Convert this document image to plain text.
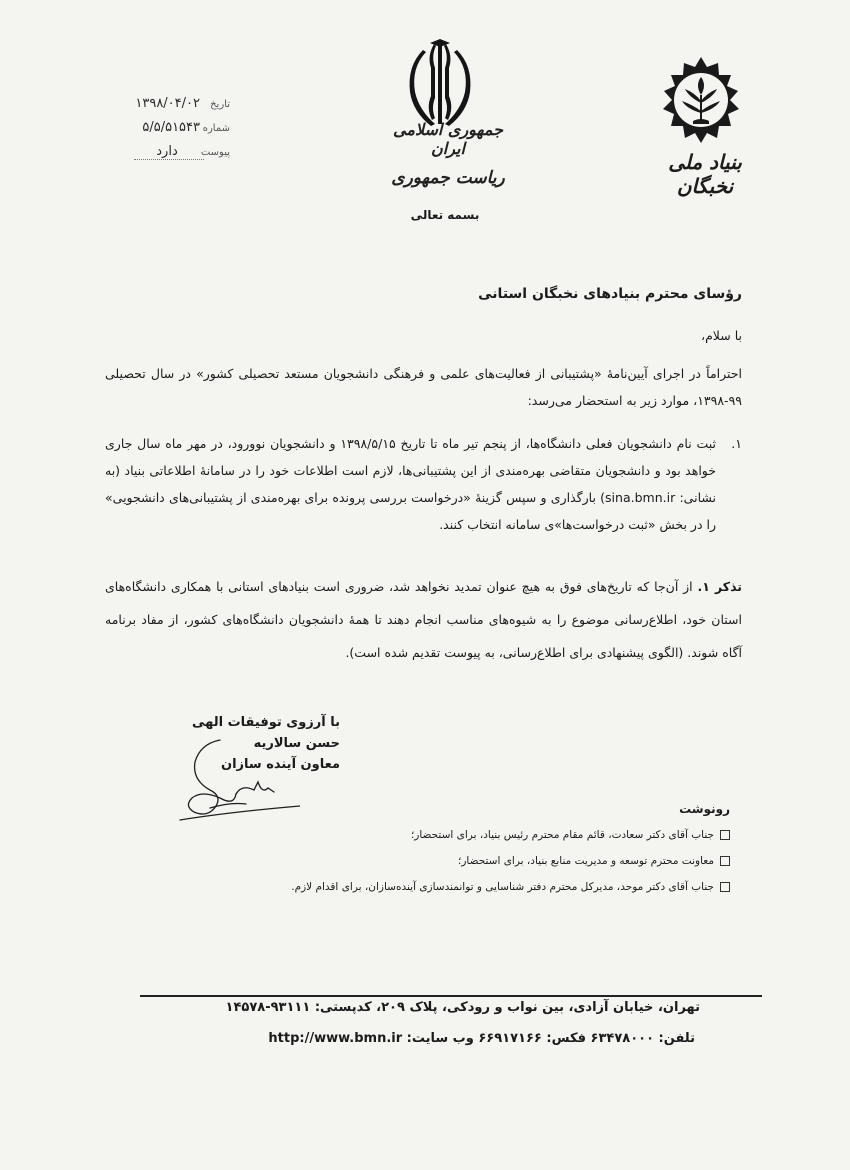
تاریخ
۱۳۹۸/۰۴/۰۲
شماره
۵/۵/۵۱۵۴۳
پیوست
دارد
جمهوری اسلامی ایران
ریاست جمهوری
بنیاد ملی نخبگان
بسمه تعالی
رؤسای محترم بنیادهای نخبگان استانی
با سلام،
احتراماً در اجرای آیین‌نامهٔ «پشتیبانی از فعالیت‌های علمی و فرهنگی دانشجویان مستعد تحصیلی کشور» در سال تحصیلی ۹۹-۱۳۹۸، موارد زیر به استحضار می‌رسد:
۱.
ثبت نام دانشجویان فعلی دانشگاه‌ها، از پنجم تیر ماه تا تاریخ ۱۳۹۸/۵/۱۵ و دانشجویان نوورود، در مهر ماه سال جاری خواهد بود و دانشجویان متقاضی بهره‌مندی از این پشتیبانی‌ها، لازم است اطلاعات خود را در سامانهٔ اطلاعاتی بنیاد (به نشانی: sina.bmn.ir) بارگذاری و سپس گزینهٔ «درخواست بررسی پرونده برای بهره‌مندی از پشتیبانی‌های دانشجویی» را در بخش «ثبت درخواست‌ها»ی سامانه انتخاب کنند.
تذکر ۱. از آن‌جا که تاریخ‌های فوق به هیچ عنوان تمدید نخواهد شد، ضروری است بنیادهای استانی با همکاری دانشگاه‌های استان خود، اطلاع‌رسانی موضوع را به شیوه‌های مناسب انجام دهند تا همهٔ دانشجویان دانشگاه‌های کشور، از مفاد برنامه آگاه شوند. (الگوی پیشنهادی برای اطلاع‌رسانی، به پیوست تقدیم شده است).
با آرزوی توفیقات الهی
حسن سالاریه
معاون آینده سازان
رونوشت
جناب آقای دکتر سعادت، قائم مقام محترم رئیس بنیاد، برای استحضار؛
معاونت محترم توسعه و مدیریت منابع بنیاد، برای استحضار؛
جناب آقای دکتر موحد، مدیرکل محترم دفتر شناسایی و توانمندسازی آینده‌سازان، برای اقدام لازم.
تهران، خیابان آزادی، بین نواب و رودکی، پلاک ۲۰۹، کدپستی: ۹۳۱۱۱-۱۴۵۷۸
تلفن: ۶۳۴۷۸۰۰۰ فکس: ۶۶۹۱۷۱۶۶ وب سایت: http://www.bmn.ir
